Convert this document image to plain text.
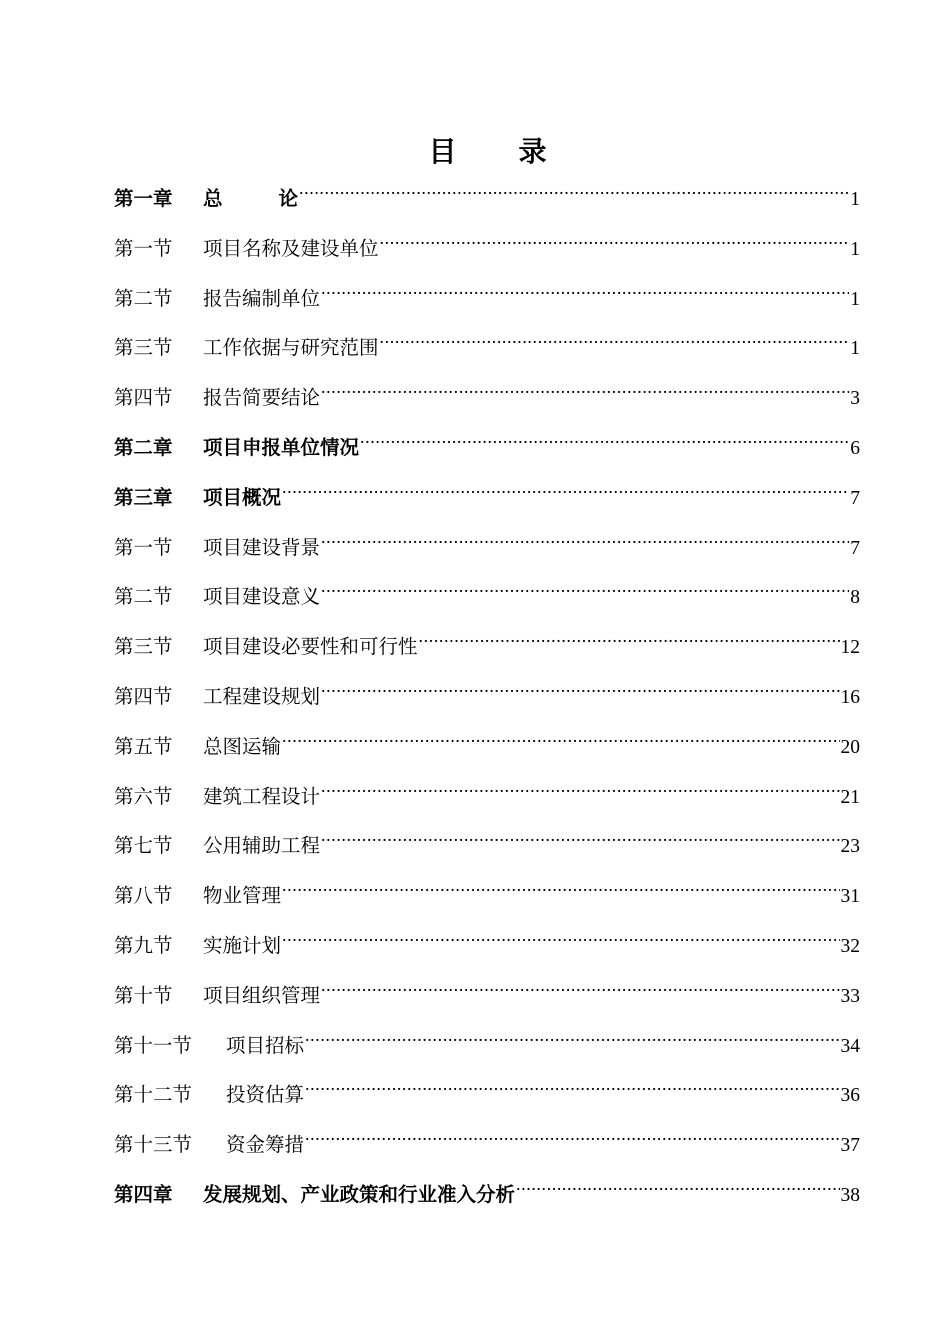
目 录
第一章	总	论 .....	1
第一节	项目名称及建设单位 .....	1
第二节	报告编制单位 .....	1
第三节	工作依据与研究范围 .....	1
第四节	报告简要结论 .....	3
第二章	项目申报单位情况 .....	6
第三章	项目概况 .....	7
第一节	项目建设背景 .....	7
第二节	项目建设意义 .....	8
第三节	项目建设必要性和可行性 .....	12
第四节	工程建设规划 .....	16
第五节	总图运输 .....	20
第六节	建筑工程设计 .....	21
第七节	公用辅助工程 .....	23
第八节	物业管理 .....	31
第九节	实施计划 .....	32
第十节	项目组织管理 .....	33
第十一节	项目招标 .....	34
第十二节	投资估算 .....	36
第十三节	资金筹措 .....	37
第四章	发展规划、产业政策和行业准入分析 .....	38
